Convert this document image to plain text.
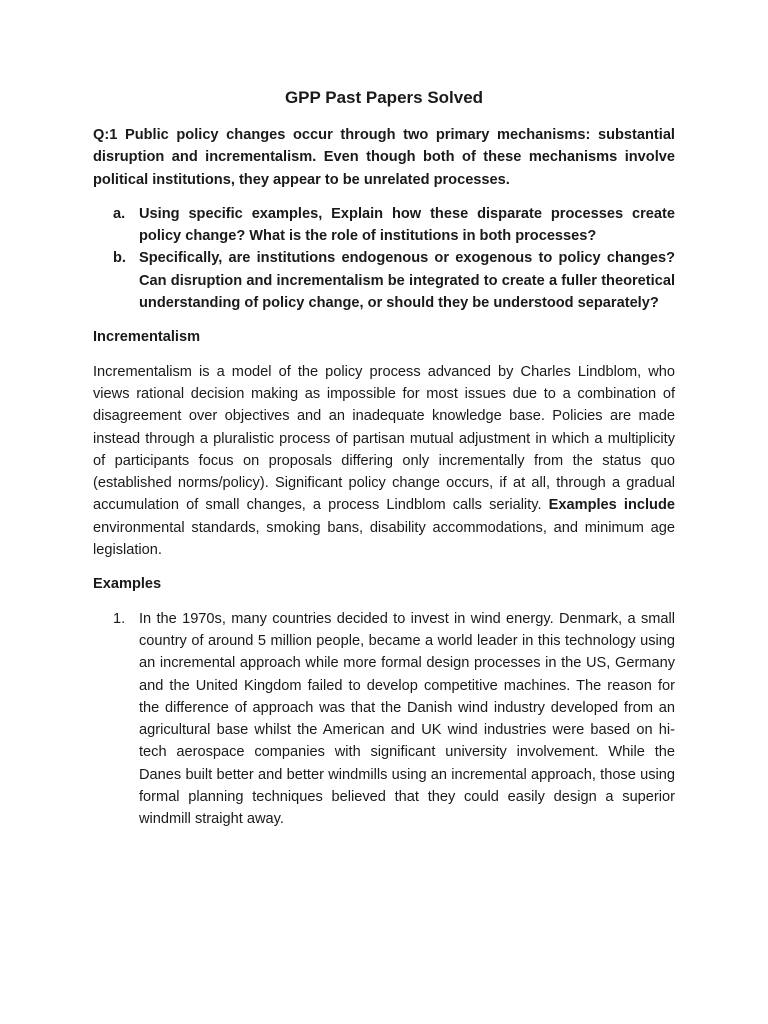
GPP Past Papers Solved

Q:1 Public policy changes occur through two primary mechanisms: substantial disruption and incrementalism. Even though both of these mechanisms involve political institutions, they appear to be unrelated processes.

a. Using specific examples, Explain how these disparate processes create policy change? What is the role of institutions in both processes?
b. Specifically, are institutions endogenous or exogenous to policy changes? Can disruption and incrementalism be integrated to create a fuller theoretical understanding of policy change, or should they be understood separately?

Incrementalism

Incrementalism is a model of the policy process advanced by Charles Lindblom, who views rational decision making as impossible for most issues due to a combination of disagreement over objectives and an inadequate knowledge base. Policies are made instead through a pluralistic process of partisan mutual adjustment in which a multiplicity of participants focus on proposals differing only incrementally from the status quo (established norms/policy). Significant policy change occurs, if at all, through a gradual accumulation of small changes, a process Lindblom calls seriality. Examples include environmental standards, smoking bans, disability accommodations, and minimum age legislation.

Examples

1. In the 1970s, many countries decided to invest in wind energy. Denmark, a small country of around 5 million people, became a world leader in this technology using an incremental approach while more formal design processes in the US, Germany and the United Kingdom failed to develop competitive machines. The reason for the difference of approach was that the Danish wind industry developed from an agricultural base whilst the American and UK wind industries were based on hi-tech aerospace companies with significant university involvement. While the Danes built better and better windmills using an incremental approach, those using formal planning techniques believed that they could easily design a superior windmill straight away.
